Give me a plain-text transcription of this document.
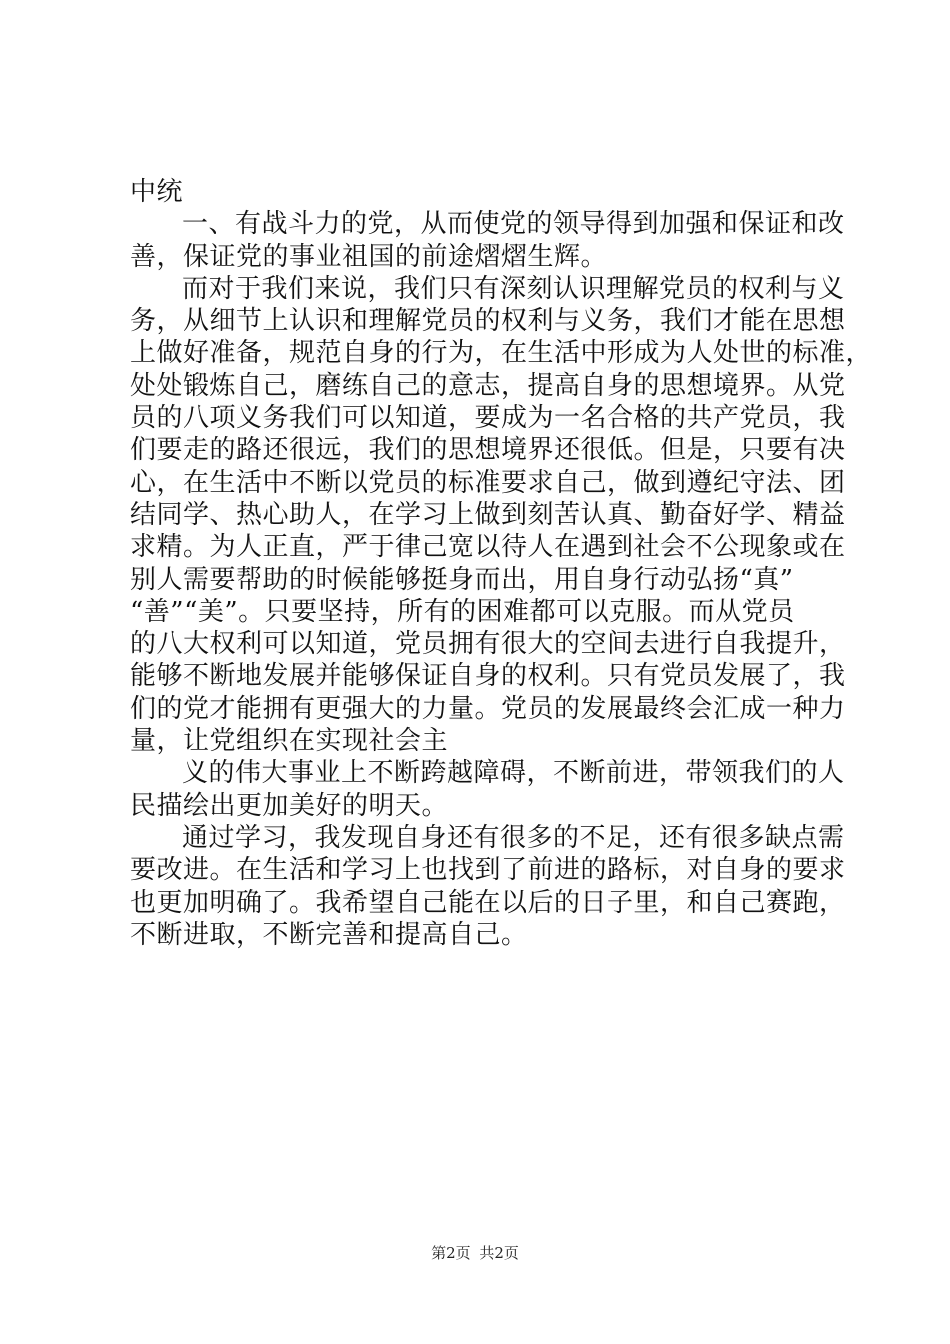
中统
一、有战斗力的党，从而使党的领导得到加强和保证和改
善，保证党的事业祖国的前途熠熠生辉。
而对于我们来说，我们只有深刻认识理解党员的权利与义
务，从细节上认识和理解党员的权利与义务，我们才能在思想
上做好准备，规范自身的行为，在生活中形成为人处世的标准，
处处锻炼自己，磨练自己的意志，提高自身的思想境界。从党
员的八项义务我们可以知道，要成为一名合格的共产党员，我
们要走的路还很远，我们的思想境界还很低。但是，只要有决
心，在生活中不断以党员的标准要求自己，做到遵纪守法、团
结同学、热心助人，在学习上做到刻苦认真、勤奋好学、精益
求精。为人正直，严于律己宽以待人在遇到社会不公现象或在
别人需要帮助的时候能够挺身而出，用自身行动弘扬“真”
“善”“美”。只要坚持，所有的困难都可以克服。而从党员
的八大权利可以知道，党员拥有很大的空间去进行自我提升，
能够不断地发展并能够保证自身的权利。只有党员发展了，我
们的党才能拥有更强大的力量。党员的发展最终会汇成一种力
量，让党组织在实现社会主
义的伟大事业上不断跨越障碍，不断前进，带领我们的人
民描绘出更加美好的明天。
通过学习，我发现自身还有很多的不足，还有很多缺点需
要改进。在生活和学习上也找到了前进的路标，对自身的要求
也更加明确了。我希望自己能在以后的日子里，和自己赛跑，
不断进取，不断完善和提高自己。
第2页 共2页
